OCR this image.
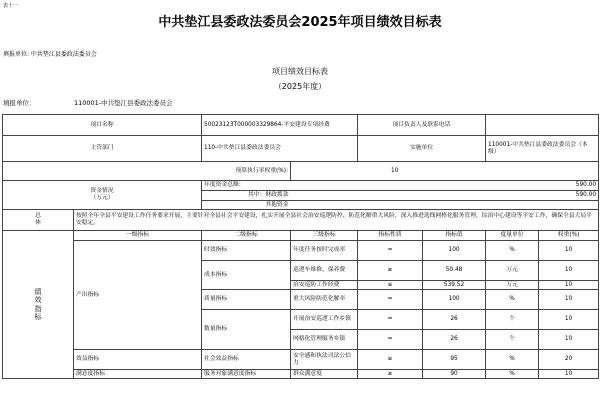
表十一
中共垫江县委政法委员会2025年项目绩效目标表
填报单位: 中共垫江县委政法委员会
项目绩效目标表
（2025年度）
填报单位：	110001-中共垫江县委政法委员会
项目名称		50023123T000003329864-平安建设专项经费		项目负责人及联系电话			
主管部门		110-中共垫江县委政法委员会		实施单位		110001-中共垫江县委政法委员会（本级）	
预算执行率权重(%):			10				
资金情况
（万元）		年度资金总额:	590.00				
		其中：财政拨款	590.00				
		其他资金					
总
体	按照全年全县平安建设工作任务要求开展，主要针对全县社会平安建设，扎实开展全县社会治安巡逻防控、防范化解重大风险，深入推进选线网格化服务管理，综治中心建设等平安工作，确保全县大局平安稳定。						
绩
效
指
标	一级指标	二级指标	三级指标	指标性质	指标值	度量单位	权重(%)
	产出指标	时效指标	年度任务按时完成率	=	100	%	10
		成本指标	巡逻车维修、保养费	≥	50.48	万元	10
			治安巡防工作经费	≤	539.52	万元	10
		质量指标	重大风险防范化解率	=	100	%	10
		数量指标	开展治安巡逻工作乡镇	=	26	个	10
			网格化管理服务乡镇	=	26	个	10
	效益指标	社会效益指标	安全感和执法司法公信力	≥	95	%	20
	满意度指标	服务对象满意度指标	群众满意度	≥	90	%	10
